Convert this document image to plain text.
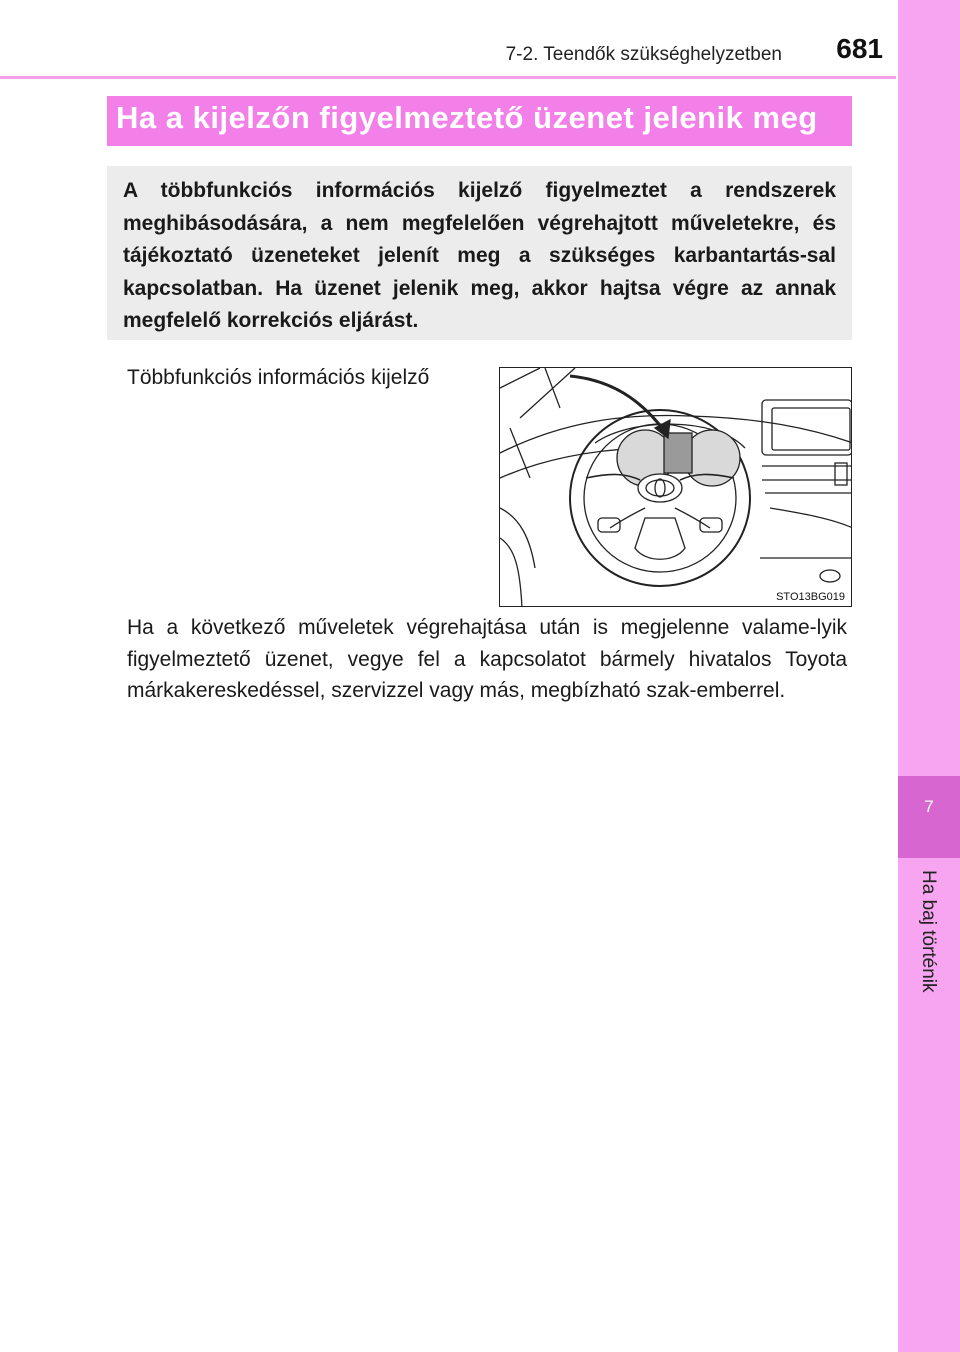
7-2. Teendők szükséghelyzetben	681
7
Ha baj történik
Ha a kijelzőn figyelmeztető üzenet jelenik meg

A többfunkciós információs kijelző figyelmeztet a rendszerek meghibásodására, a nem megfelelően végrehajtott műveletekre, és tájékoztató üzeneteket jelenít meg a szükséges karbantartás-sal kapcsolatban. Ha üzenet jelenik meg, akkor hajtsa végre az annak megfelelő korrekciós eljárást.

Többfunkciós információs kijelző

STO13BG019

Ha a következő műveletek végrehajtása után is megjelenne valame-lyik figyelmeztető üzenet, vegye fel a kapcsolatot bármely hivatalos Toyota márkakereskedéssel, szervizzel vagy más, megbízható szak-emberrel.
